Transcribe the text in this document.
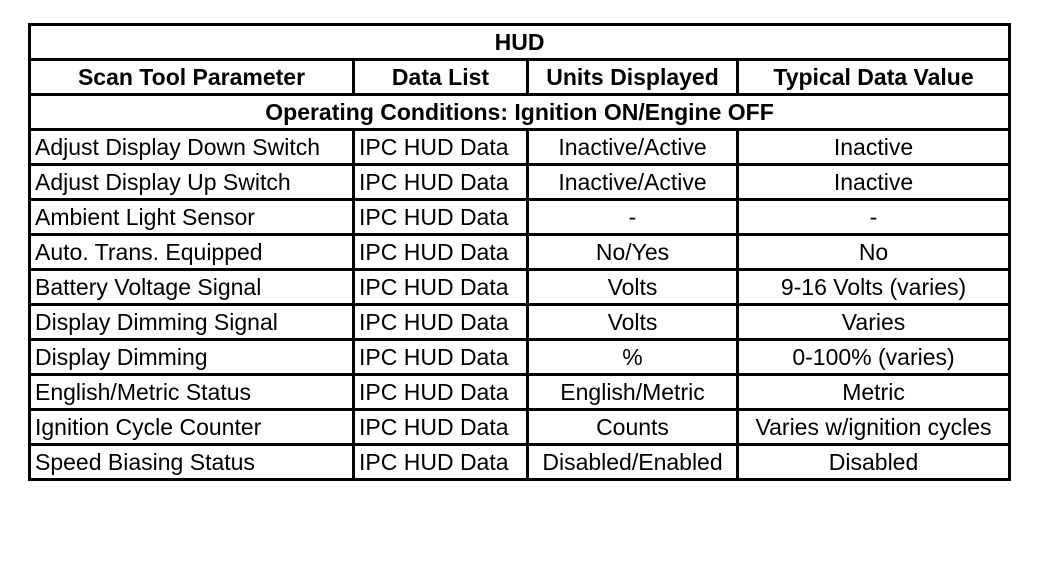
HUD			
Scan Tool Parameter	Data List	Units Displayed	Typical Data Value
Operating Conditions: Ignition ON/Engine OFF			
Adjust Display Down Switch	IPC HUD Data	Inactive/Active	Inactive
Adjust Display Up Switch	IPC HUD Data	Inactive/Active	Inactive
Ambient Light Sensor	IPC HUD Data	-	-
Auto. Trans. Equipped	IPC HUD Data	No/Yes	No
Battery Voltage Signal	IPC HUD Data	Volts	9-16 Volts (varies)
Display Dimming Signal	IPC HUD Data	Volts	Varies
Display Dimming	IPC HUD Data	%	0-100% (varies)
English/Metric Status	IPC HUD Data	English/Metric	Metric
Ignition Cycle Counter	IPC HUD Data	Counts	Varies w/ignition cycles
Speed Biasing Status	IPC HUD Data	Disabled/Enabled	Disabled
